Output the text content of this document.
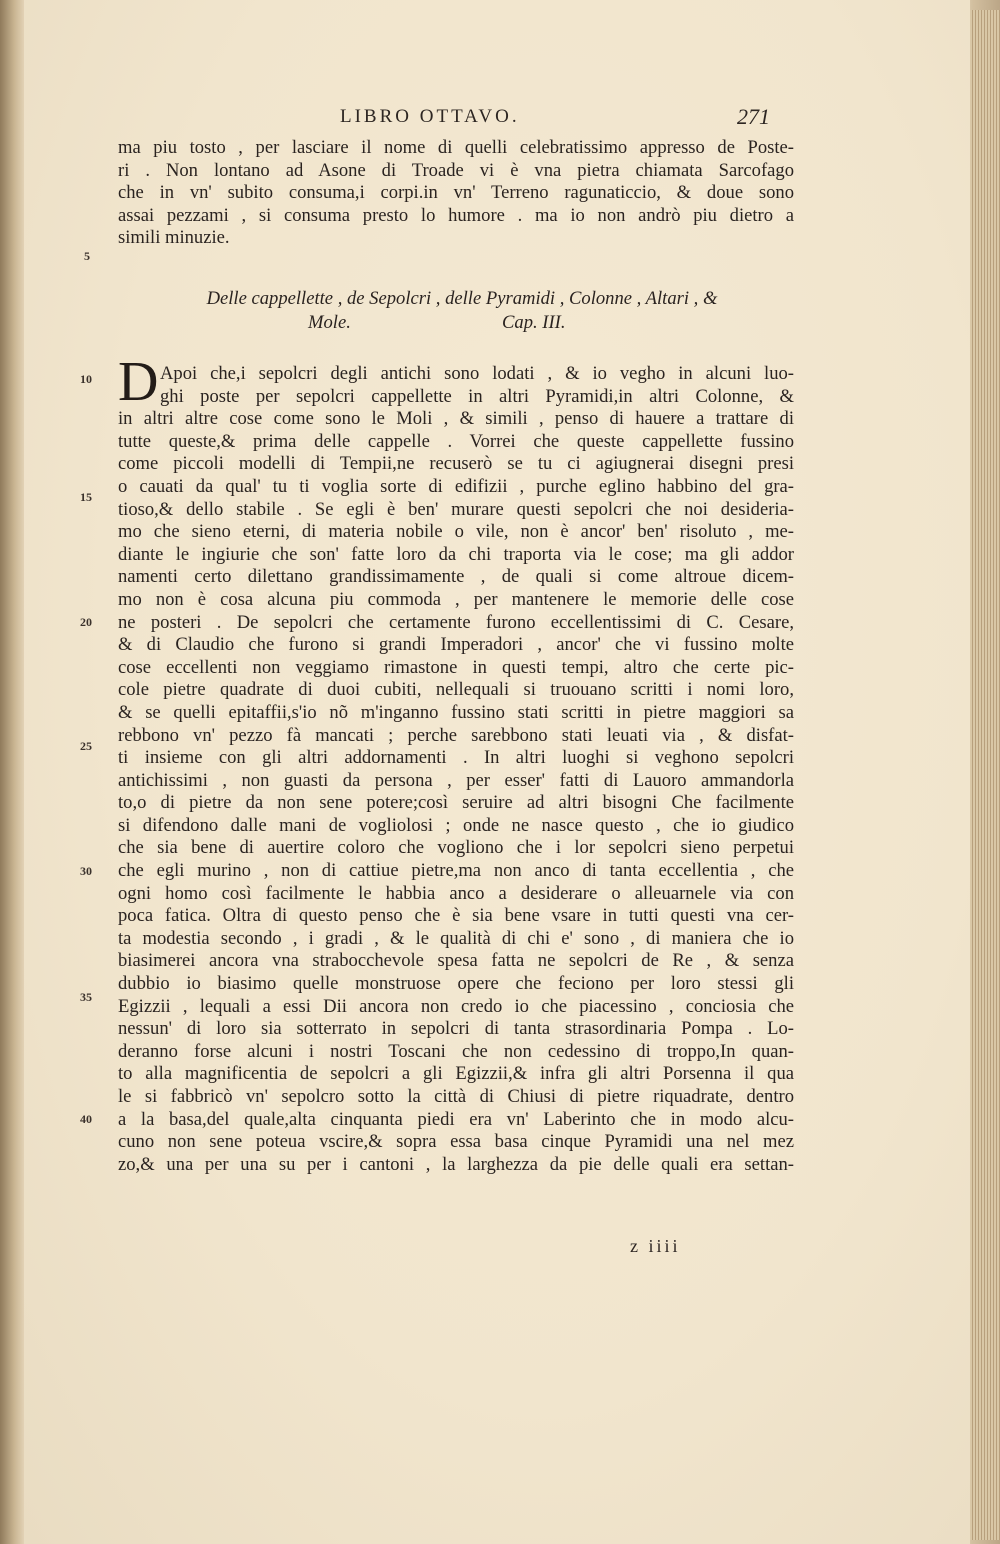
LIBRO OTTAVO.	271
5
10
15
20
25
30
35
40
ma piu tosto , per lasciare il nome di quelli celebratissimo appresso de Poste-
ri . Non lontano ad Asone di Troade vi è vna pietra chiamata Sarcofago
che in vn' subito consuma,i corpi.in vn' Terreno ragunaticcio, & doue sono
assai pezzami , si consuma presto lo humore . ma io non andrò piu dietro a
simili minuzie.
Delle cappellette , de Sepolcri , delle Pyramidi , Colonne , Altari , &
Mole.	Cap. III.
D Apoi che,i sepolcri degli antichi sono lodati , & io vegho in alcuni luo-
ghi poste per sepolcri cappellette in altri Pyramidi,in altri Colonne, &
in altri altre cose come sono le Moli , & simili , penso di hauere a trattare di
tutte queste,& prima delle cappelle . Vorrei che queste cappellette fussino
come piccoli modelli di Tempii,ne recuserò se tu ci agiugnerai disegni presi
o cauati da qual' tu ti voglia sorte di edifizii , purche eglino habbino del gra-
tioso,& dello stabile . Se egli è ben' murare questi sepolcri che noi desideria-
mo che sieno eterni, di materia nobile o vile, non è ancor' ben' risoluto , me-
diante le ingiurie che son' fatte loro da chi traporta via le cose; ma gli addor
namenti certo dilettano grandissimamente , de quali si come altroue dicem-
mo non è cosa alcuna piu commoda , per mantenere le memorie delle cose
ne posteri . De sepolcri che certamente furono eccellentissimi di C. Cesare,
& di Claudio che furono si grandi Imperadori , ancor' che vi fussino molte
cose eccellenti non veggiamo rimastone in questi tempi, altro che certe pic-
cole pietre quadrate di duoi cubiti, nellequali si truouano scritti i nomi loro,
& se quelli epitaffii,s'io nõ m'inganno fussino stati scritti in pietre maggiori sa
rebbono vn' pezzo fà mancati ; perche sarebbono stati leuati via , & disfat-
ti insieme con gli altri addornamenti . In altri luoghi si veghono sepolcri
antichissimi , non guasti da persona , per esser' fatti di Lauoro ammandorla
to,o di pietre da non sene potere;così seruire ad altri bisogni Che facilmente
si difendono dalle mani de vogliolosi ; onde ne nasce questo , che io giudico
che sia bene di auertire coloro che vogliono che i lor sepolcri sieno perpetui
che egli murino , non di cattiue pietre,ma non anco di tanta eccellentia , che
ogni homo così facilmente le habbia anco a desiderare o alleuarnele via con
poca fatica. Oltra di questo penso che è sia bene vsare in tutti questi vna cer-
ta modestia secondo , i gradi , & le qualità di chi e' sono , di maniera che io
biasimerei ancora vna strabocchevole spesa fatta ne sepolcri de Re , & senza
dubbio io biasimo quelle monstruose opere che feciono per loro stessi gli
Egizzii , lequali a essi Dii ancora non credo io che piacessino , conciosia che
nessun' di loro sia sotterrato in sepolcri di tanta strasordinaria Pompa . Lo-
deranno forse alcuni i nostri Toscani che non cedessino di troppo,In quan-
to alla magnificentia de sepolcri a gli Egizzii,& infra gli altri Porsenna il qua
le si fabbricò vn' sepolcro sotto la città di Chiusi di pietre riquadrate, dentro
a la basa,del quale,alta cinquanta piedi era vn' Laberinto che in modo alcu-
cuno non sene poteua vscire,& sopra essa basa cinque Pyramidi una nel mez
zo,& una per una su per i cantoni , la larghezza da pie delle quali era settan-
z iiii
